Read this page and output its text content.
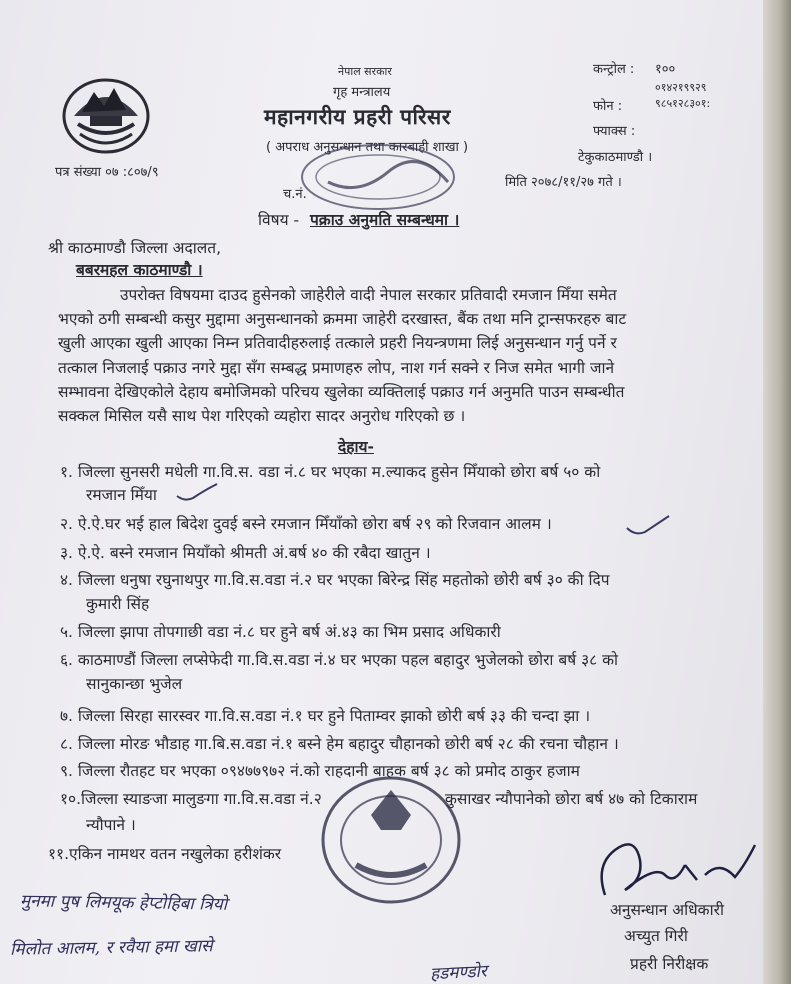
नेपाल सरकार
गृह मन्त्रालय
महानगरीय प्रहरी परिसर
( अपराध अनुसन्धान तथा कारबाही शाखा )
कन्ट्रोल : १००
फोन :
०१४२१९९२९
९८५१२८३०१:
फ्याक्स :
टेकुकाठमाण्डौ ।
मिति २०७८/११/२७ गते ।
पत्र संख्या ०७ :८०७/९
च.नं.
विषय - पक्राउ अनुमति सम्बन्धमा ।
श्री काठमाण्डौ जिल्ला अदालत,
बबरमहल काठमाण्डौ ।
उपरोक्त विषयमा दाउद हुसेनको जाहेरीले वादी नेपाल सरकार प्रतिवादी रमजान मिँया समेत
भएको ठगी सम्बन्धी कसुर मुद्दामा अनुसन्धानको क्रममा जाहेरी दरखास्त, बैंक तथा मनि ट्रान्सफरहरु बाट
खुली आएका खुली आएका निम्न प्रतिवादीहरुलाई तत्काले प्रहरी नियन्त्रणमा लिई अनुसन्धान गर्नु पर्ने र
तत्काल निजलाई पक्राउ नगरे मुद्दा सँग सम्बद्ध प्रमाणहरु लोप, नाश गर्न सक्ने र निज समेत भागी जाने
सम्भावना देखिएकोले देहाय बमोजिमको परिचय खुलेका व्यक्तिलाई पक्राउ गर्न अनुमति पाउन सम्बन्धीत
सक्कल मिसिल यसै साथ पेश गरिएको व्यहोरा सादर अनुरोध गरिएको छ ।
देहाय-
१. जिल्ला सुनसरी मधेली गा.वि.स. वडा नं.८ घर भएका म.ल्याकद हुसेन मिँयाको छोरा बर्ष ५० को
रमजान मिँया
२. ऐ.ऐ.घर भई हाल बिदेश दुवई बस्ने रमजान मिँयाँको छोरा बर्ष २९ को रिजवान आलम ।
३. ऐ.ऐ. बस्ने रमजान मियाँको श्रीमती अं.बर्ष ४० की रबैदा खातुन ।
४. जिल्ला धनुषा रघुनाथपुर गा.वि.स.वडा नं.२ घर भएका बिरेन्द्र सिंह महतोको छोरी बर्ष ३० की दिप
कुमारी सिंह
५. जिल्ला झापा तोपगाछी वडा नं.८ घर हुने बर्ष अं.४३ का भिम प्रसाद अधिकारी
६. काठमाण्डौं जिल्ला लप्सेफेदी गा.वि.स.वडा नं.४ घर भएका पहल बहादुर भुजेलको छोरा बर्ष ३८ को
सानुकान्छा भुजेल
७. जिल्ला सिरहा सारस्वर गा.वि.स.वडा नं.१ घर हुने पिताम्वर झाको छोरी बर्ष ३३ की चन्दा झा ।
८. जिल्ला मोरङ भौडाह गा.बि.स.वडा नं.१ बस्ने हेम बहादुर चौहानको छोरी बर्ष २८ की रचना चौहान ।
९. जिल्ला रौतहट घर भएका ०९४७७९७२ नं.को राहदानी बाहक बर्ष ३८ को प्रमोद ठाकुर हजाम
१०.जिल्ला स्याङजा मालुङगा गा.वि.स.वडा नं.२	कुसाखर न्यौपानेको छोरा बर्ष ४७ को टिकाराम
न्यौपाने ।
११.एकिन नामथर वतन नखुलेका हरीशंकर
अनुसन्धान अधिकारी
अच्युत गिरी
प्रहरी निरीक्षक
मुनमा पुष लिमयूक हेप्टोहिबा त्रियो
मिलोत आलम, र रवैया हमा खासे
हडमण्डोर
